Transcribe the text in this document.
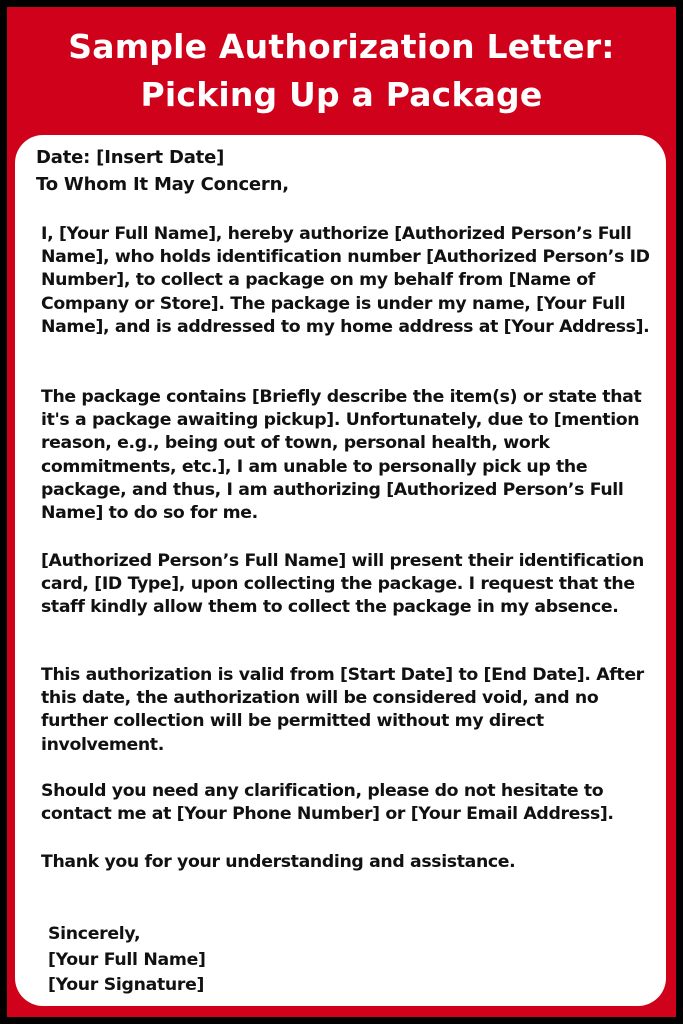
Sample Authorization Letter:
Picking Up a Package
Date: [Insert Date]
To Whom It May Concern,

I, [Your Full Name], hereby authorize [Authorized Person’s Full Name], who holds identification number [Authorized Person’s ID Number], to collect a package on my behalf from [Name of Company or Store]. The package is under my name, [Your Full Name], and is addressed to my home address at [Your Address].

The package contains [Briefly describe the item(s) or state that it's a package awaiting pickup]. Unfortunately, due to [mention reason, e.g., being out of town, personal health, work commitments, etc.], I am unable to personally pick up the package, and thus, I am authorizing [Authorized Person’s Full Name] to do so for me.

[Authorized Person’s Full Name] will present their identification card, [ID Type], upon collecting the package. I request that the staff kindly allow them to collect the package in my absence.

This authorization is valid from [Start Date] to [End Date]. After this date, the authorization will be considered void, and no further collection will be permitted without my direct involvement.

Should you need any clarification, please do not hesitate to contact me at [Your Phone Number] or [Your Email Address].

Thank you for your understanding and assistance.

Sincerely,
[Your Full Name]
[Your Signature]
